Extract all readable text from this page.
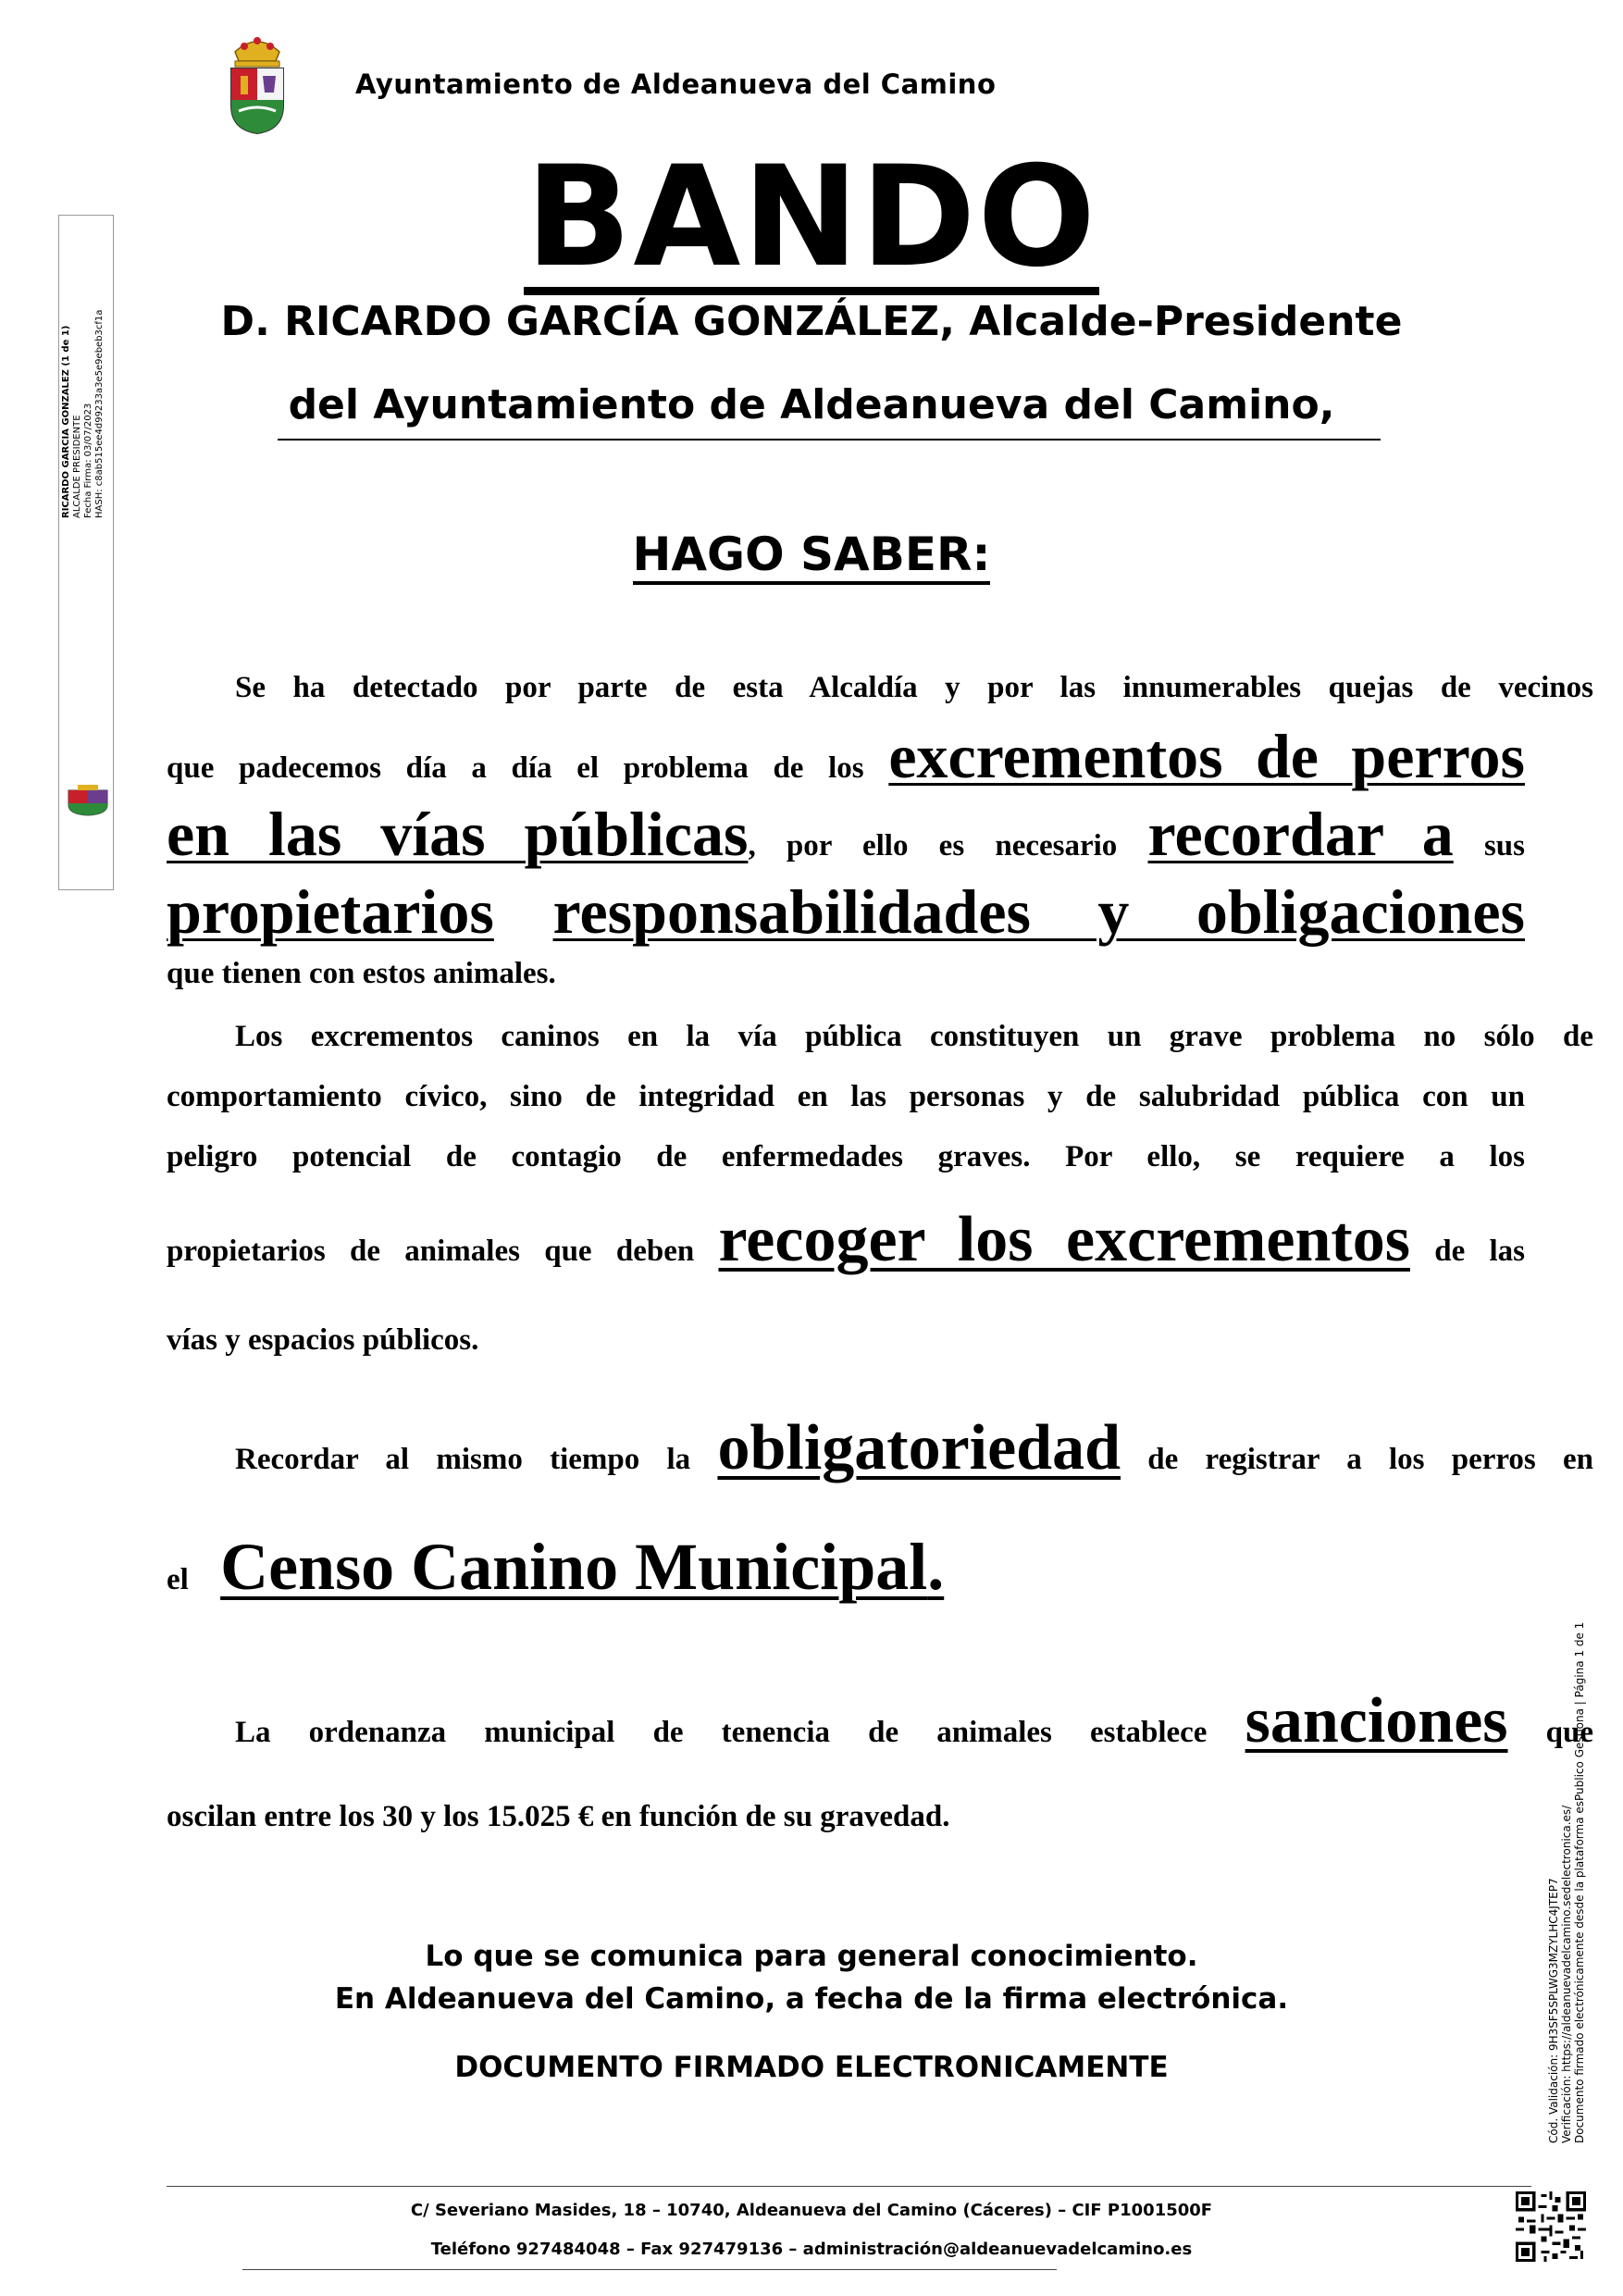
Ayuntamiento de Aldeanueva del Camino
BANDO
D. RICARDO GARCÍA GONZÁLEZ, Alcalde-Presidente
del Ayuntamiento de Aldeanueva del Camino,
HAGO SABER:
Se ha detectado por parte de esta Alcaldía y por las innumerables quejas de vecinos
que padecemos día a día el problema de los excrementos de perros
en las vías públicas, por ello es necesario recordar a sus
propietarios responsabilidades y obligaciones
que tienen con estos animales.
Los excrementos caninos en la vía pública constituyen un grave problema no sólo de
comportamiento cívico, sino de integridad en las personas y de salubridad pública con un
peligro potencial de contagio de enfermedades graves. Por ello, se requiere a los
propietarios de animales que deben recoger los excrementos de las
vías y espacios públicos.
Recordar al mismo tiempo la obligatoriedad de registrar a los perros en
el Censo Canino Municipal.
La ordenanza municipal de tenencia de animales establece sanciones que
oscilan entre los 30 y los 15.025 € en función de su gravedad.
Lo que se comunica para general conocimiento.
En Aldeanueva del Camino, a fecha de la firma electrónica.
DOCUMENTO FIRMADO ELECTRONICAMENTE
RICARDO GARCIA GONZALEZ (1 de 1) ALCALDE PRESIDENTE Fecha Firma: 03/07/2023 HASH: c8ab515ee4d99233a3e5e9ebeb3cf1a
Cód. Validación: 9H3SF5SPLWG3MZYLHC4JTEP7 Verificación: https://aldeanuevadelcamino.sedelectronica.es/ Documento firmado electrónicamente desde la plataforma esPublico Gestiona | Página 1 de 1
C/ Severiano Masides, 18 – 10740, Aldeanueva del Camino (Cáceres) – CIF P1001500F
Teléfono 927484048 – Fax 927479136 – administración@aldeanuevadelcamino.es
